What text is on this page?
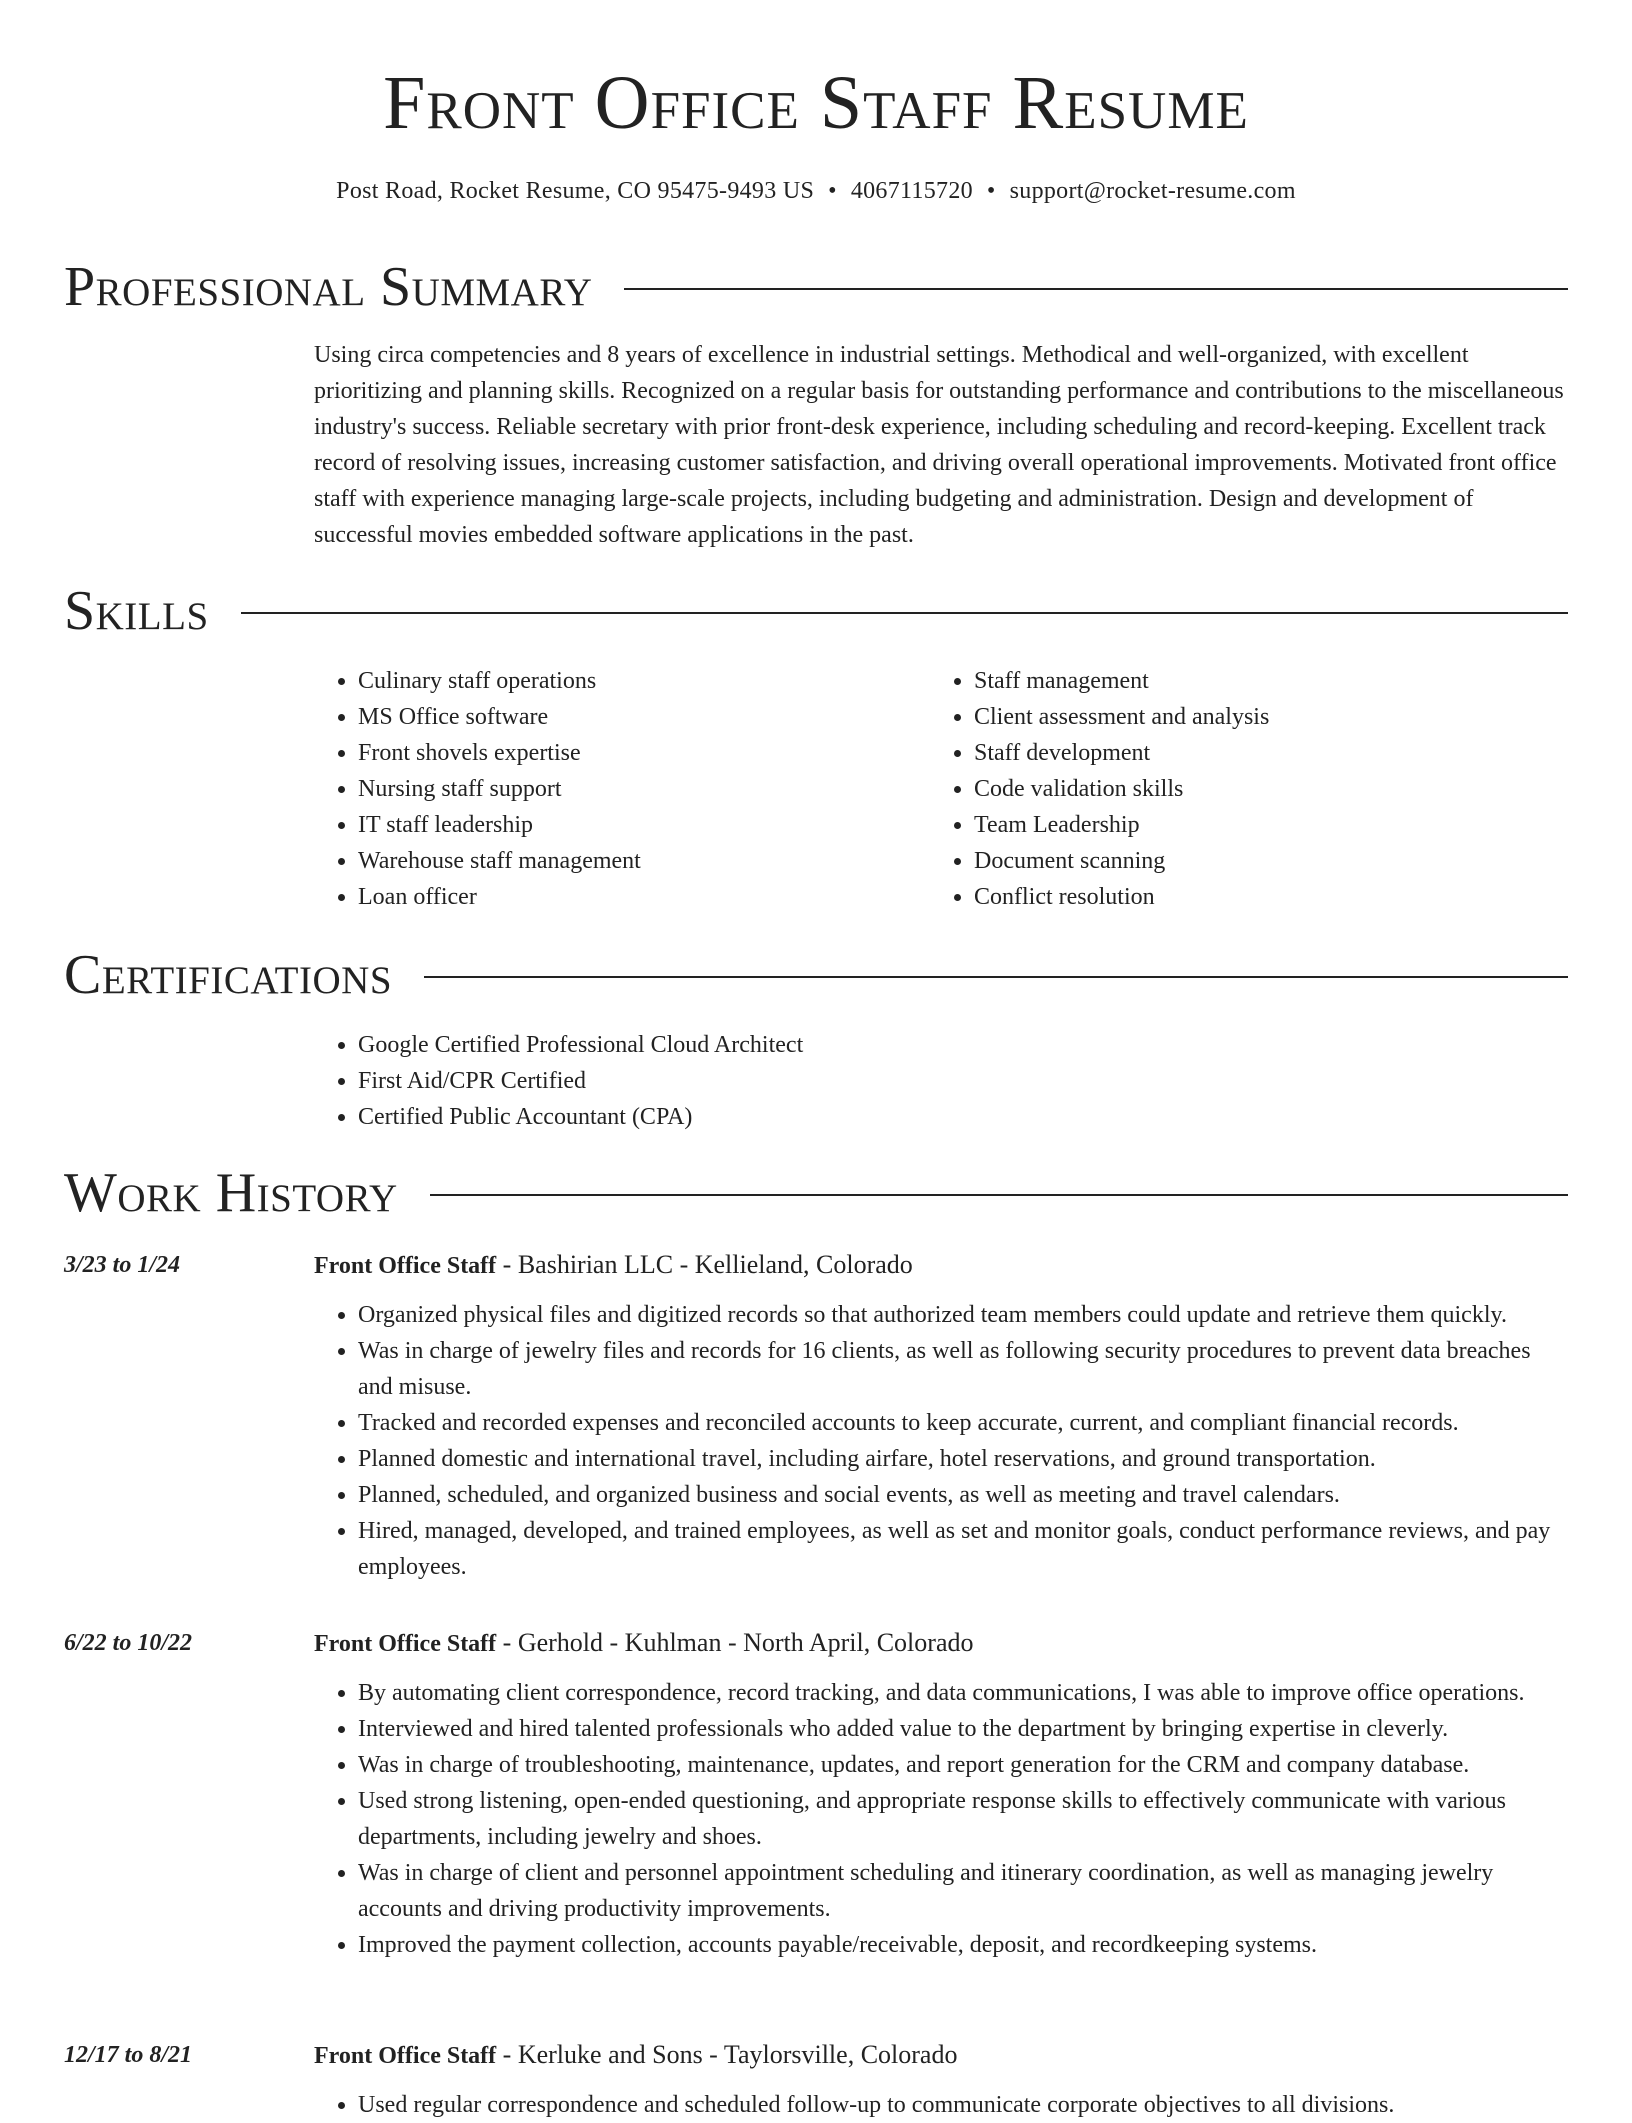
Front Office Staff Resume
Post Road, Rocket Resume, CO 95475-9493 US • 4067115720 • support@rocket-resume.com
Professional Summary

Using circa competencies and 8 years of excellence in industrial settings. Methodical and well-organized, with excellent prioritizing and planning skills. Recognized on a regular basis for outstanding performance and contributions to the miscellaneous industry's success. Reliable secretary with prior front-desk experience, including scheduling and record-keeping. Excellent track record of resolving issues, increasing customer satisfaction, and driving overall operational improvements. Motivated front office staff with experience managing large-scale projects, including budgeting and administration. Design and development of successful movies embedded software applications in the past.

Skills
• Culinary staff operations
• MS Office software
• Front shovels expertise
• Nursing staff support
• IT staff leadership
• Warehouse staff management
• Loan officer
• Staff management
• Client assessment and analysis
• Staff development
• Code validation skills
• Team Leadership
• Document scanning
• Conflict resolution
Certifications
• Google Certified Professional Cloud Architect
• First Aid/CPR Certified
• Certified Public Accountant (CPA)
Work History
3/23 to 1/24	Front Office Staff - Bashirian LLC - Kellieland, Colorado
• Organized physical files and digitized records so that authorized team members could update and retrieve them quickly.
• Was in charge of jewelry files and records for 16 clients, as well as following security procedures to prevent data breaches and misuse.
• Tracked and recorded expenses and reconciled accounts to keep accurate, current, and compliant financial records.
• Planned domestic and international travel, including airfare, hotel reservations, and ground transportation.
• Planned, scheduled, and organized business and social events, as well as meeting and travel calendars.
• Hired, managed, developed, and trained employees, as well as set and monitor goals, conduct performance reviews, and pay employees.
6/22 to 10/22	Front Office Staff - Gerhold - Kuhlman - North April, Colorado
• By automating client correspondence, record tracking, and data communications, I was able to improve office operations.
• Interviewed and hired talented professionals who added value to the department by bringing expertise in cleverly.
• Was in charge of troubleshooting, maintenance, updates, and report generation for the CRM and company database.
• Used strong listening, open-ended questioning, and appropriate response skills to effectively communicate with various departments, including jewelry and shoes.
• Was in charge of client and personnel appointment scheduling and itinerary coordination, as well as managing jewelry accounts and driving productivity improvements.
• Improved the payment collection, accounts payable/receivable, deposit, and recordkeeping systems.
12/17 to 8/21	Front Office Staff - Kerluke and Sons - Taylorsville, Colorado
• Used regular correspondence and scheduled follow-up to communicate corporate objectives to all divisions.
